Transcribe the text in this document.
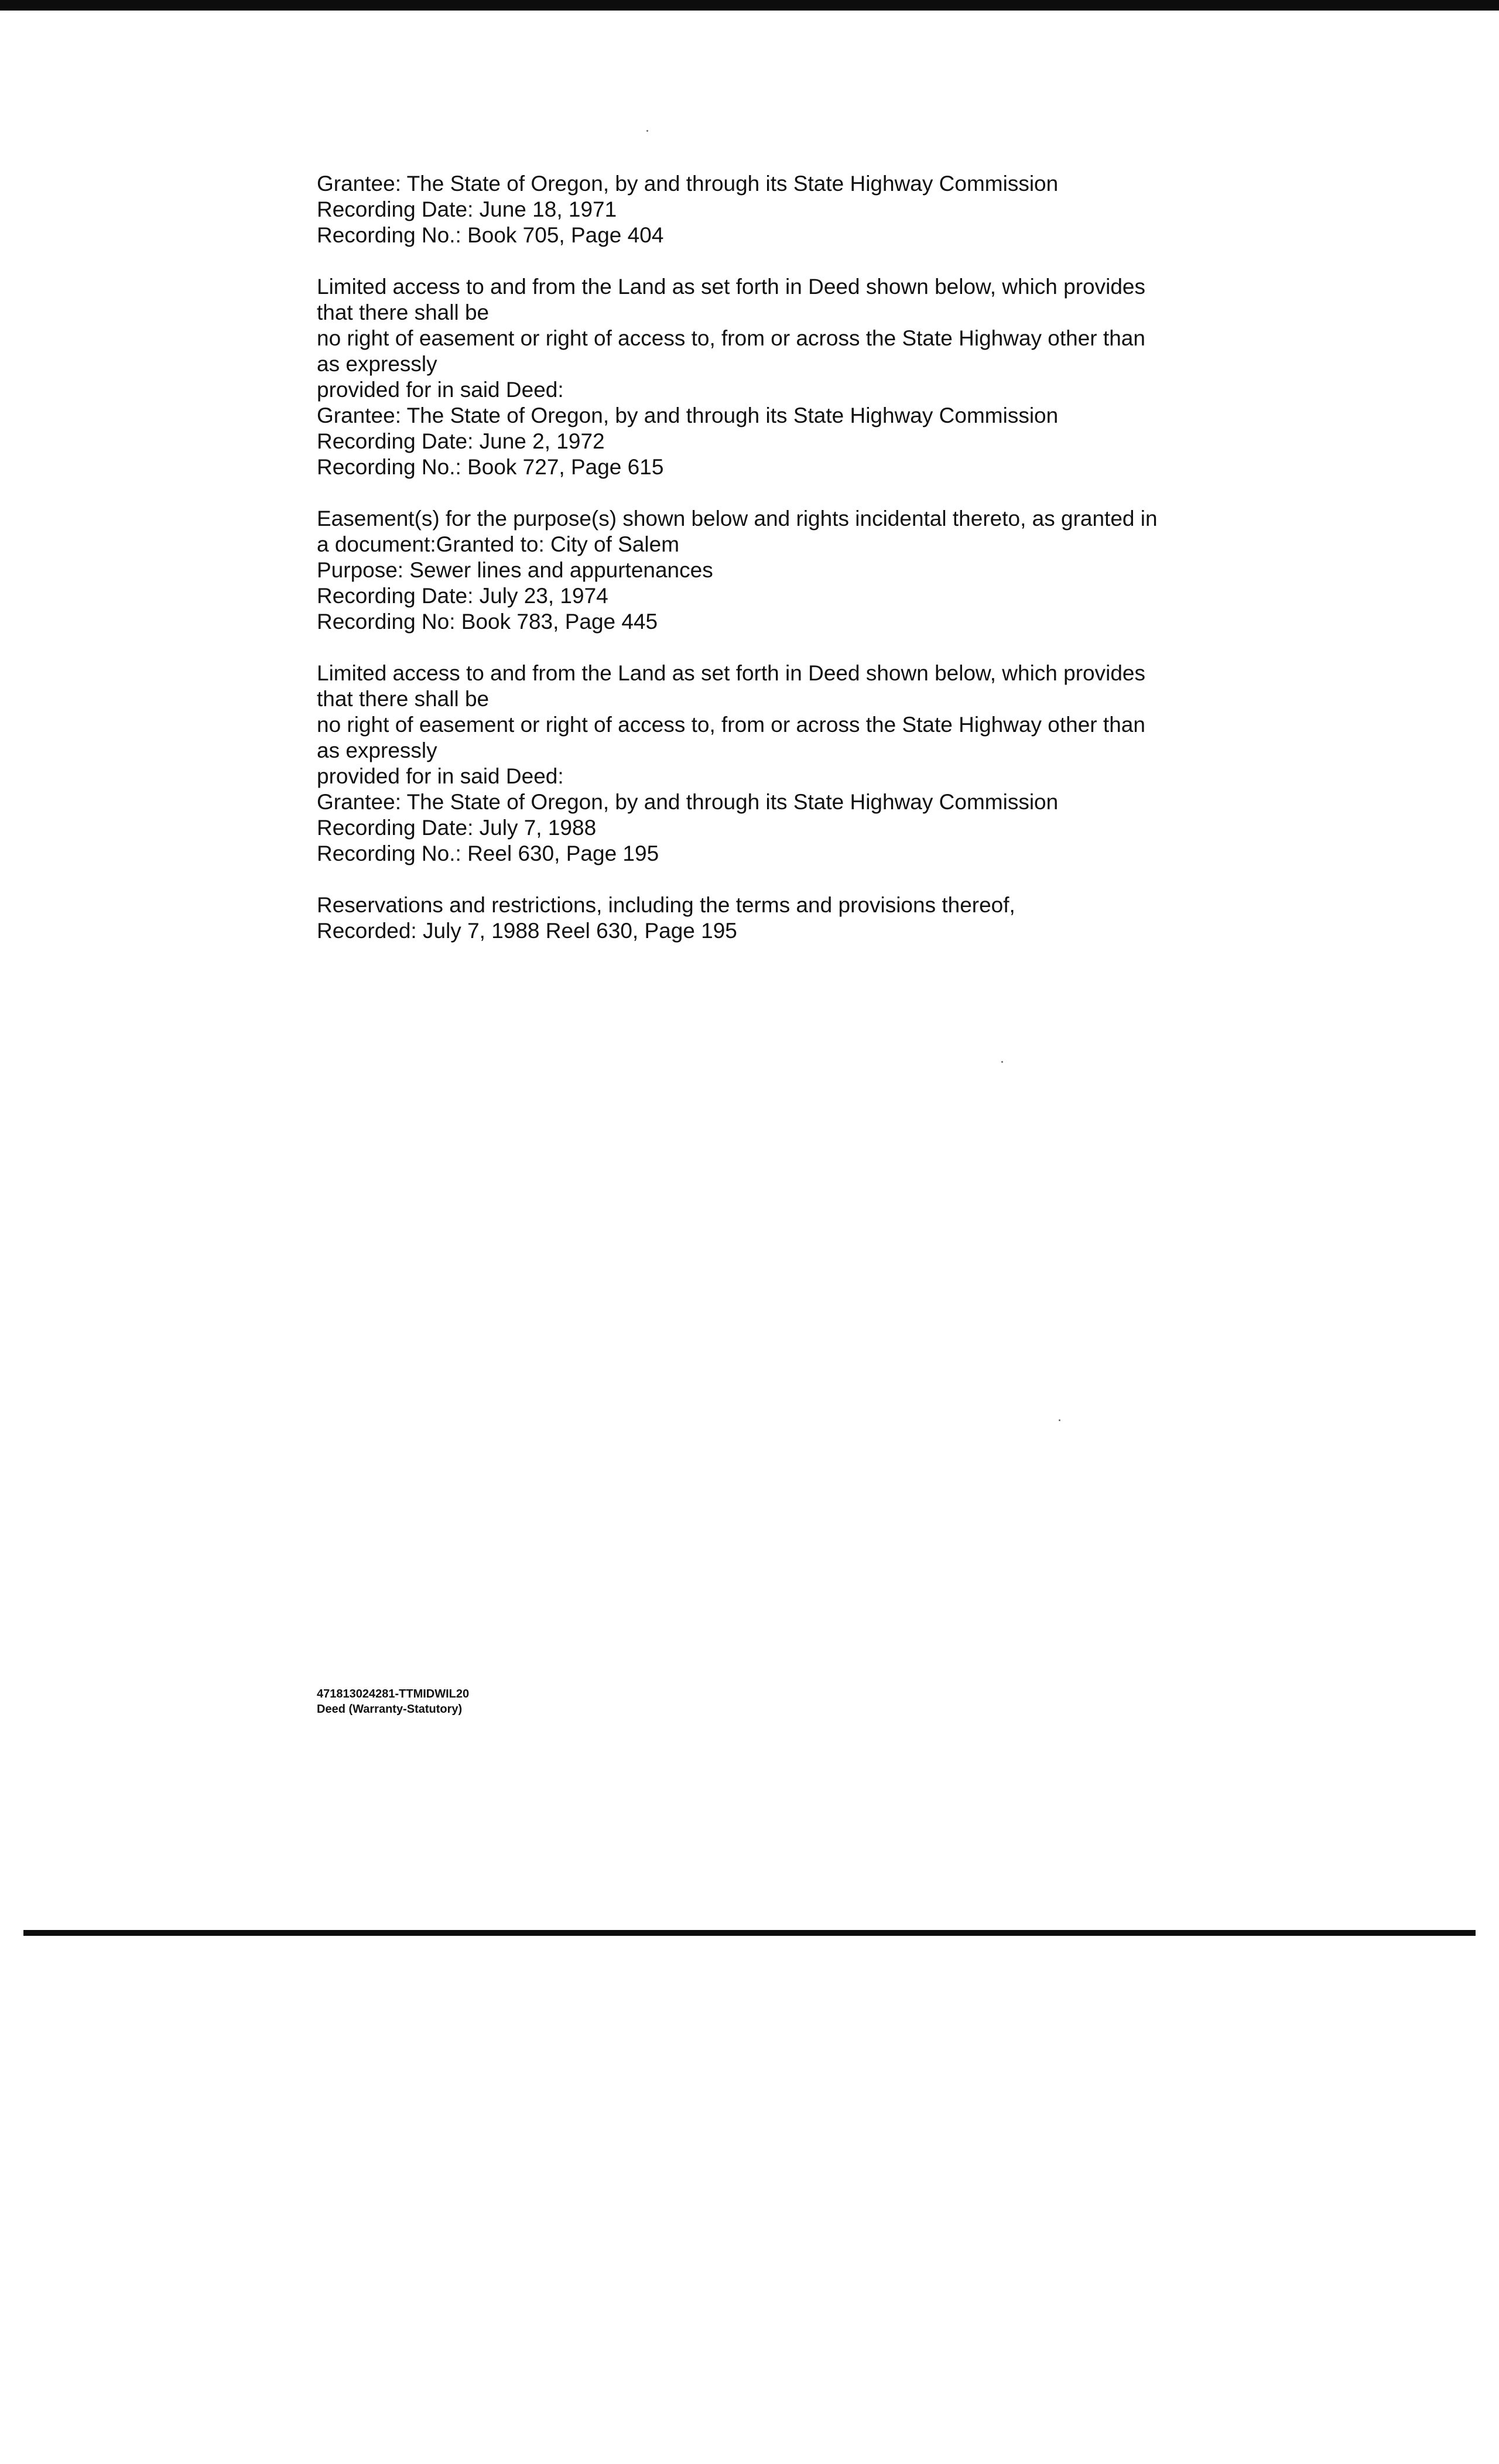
Grantee: The State of Oregon, by and through its State Highway Commission
Recording Date: June 18, 1971
Recording No.: Book 705, Page 404
Limited access to and from the Land as set forth in Deed shown below, which provides
that there shall be
no right of easement or right of access to, from or across the State Highway other than
as expressly
provided for in said Deed:
Grantee: The State of Oregon, by and through its State Highway Commission
Recording Date: June 2, 1972
Recording No.: Book 727, Page 615
Easement(s) for the purpose(s) shown below and rights incidental thereto, as granted in
a document:Granted to: City of Salem
Purpose: Sewer lines and appurtenances
Recording Date: July 23, 1974
Recording No: Book 783, Page 445
Limited access to and from the Land as set forth in Deed shown below, which provides
that there shall be
no right of easement or right of access to, from or across the State Highway other than
as expressly
provided for in said Deed:
Grantee: The State of Oregon, by and through its State Highway Commission
Recording Date: July 7, 1988
Recording No.: Reel 630, Page 195
Reservations and restrictions, including the terms and provisions thereof,
Recorded: July 7, 1988 Reel 630, Page 195
471813024281-TTMIDWIL20
Deed (Warranty-Statutory)
